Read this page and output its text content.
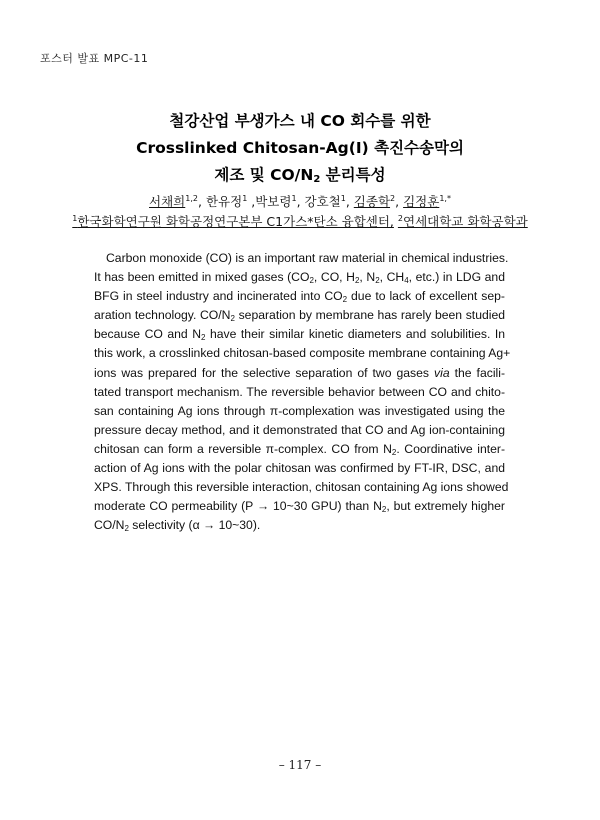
포스터 발표 MPC-11
철강산업 부생가스 내 CO 회수를 위한
Crosslinked Chitosan-Ag(I) 촉진수송막의
제조 및 $CO/N_2$ 분리특성
서채희$^{1,2}$, 한유정$^1$ ,박보령$^1$, 강호철$^1$, 김종학$^2$, 김정훈$^{1,*}$
$^1$한국화학연구원 화학공정연구본부 C1가스*탄소 융합센터, $^2$연세대학교 화학공학과
Carbon monoxide (CO) is an important raw material in chemical industries.
It has been emitted in mixed gases ($CO_2$, CO, $H_2$, $N_2$, $CH_4$, etc.) in LDG and
BFG in steel industry and incinerated into $CO_2$ due to lack of excellent sep-
aration technology. $CO/N_2$ separation by membrane has rarely been studied
because CO and $N_2$ have their similar kinetic diameters and solubilities. In
this work, a crosslinked chitosan-based composite membrane containing Ag+
ions was prepared for the selective separation of two gases via the facili-
tated transport mechanism. The reversible behavior between CO and chito-
san containing Ag ions through π-complexation was investigated using the
pressure decay method, and it demonstrated that CO and Ag ion-containing
chitosan can form a reversible π-complex. CO from $N_2$. Coordinative inter-
action of Ag ions with the polar chitosan was confirmed by FT-IR, DSC, and
XPS. Through this reversible interaction, chitosan containing Ag ions showed
moderate CO permeability (P → 10~30 GPU) than $N_2$, but extremely higher
$CO/N_2$ selectivity (α → 10~30).
– 117 –
